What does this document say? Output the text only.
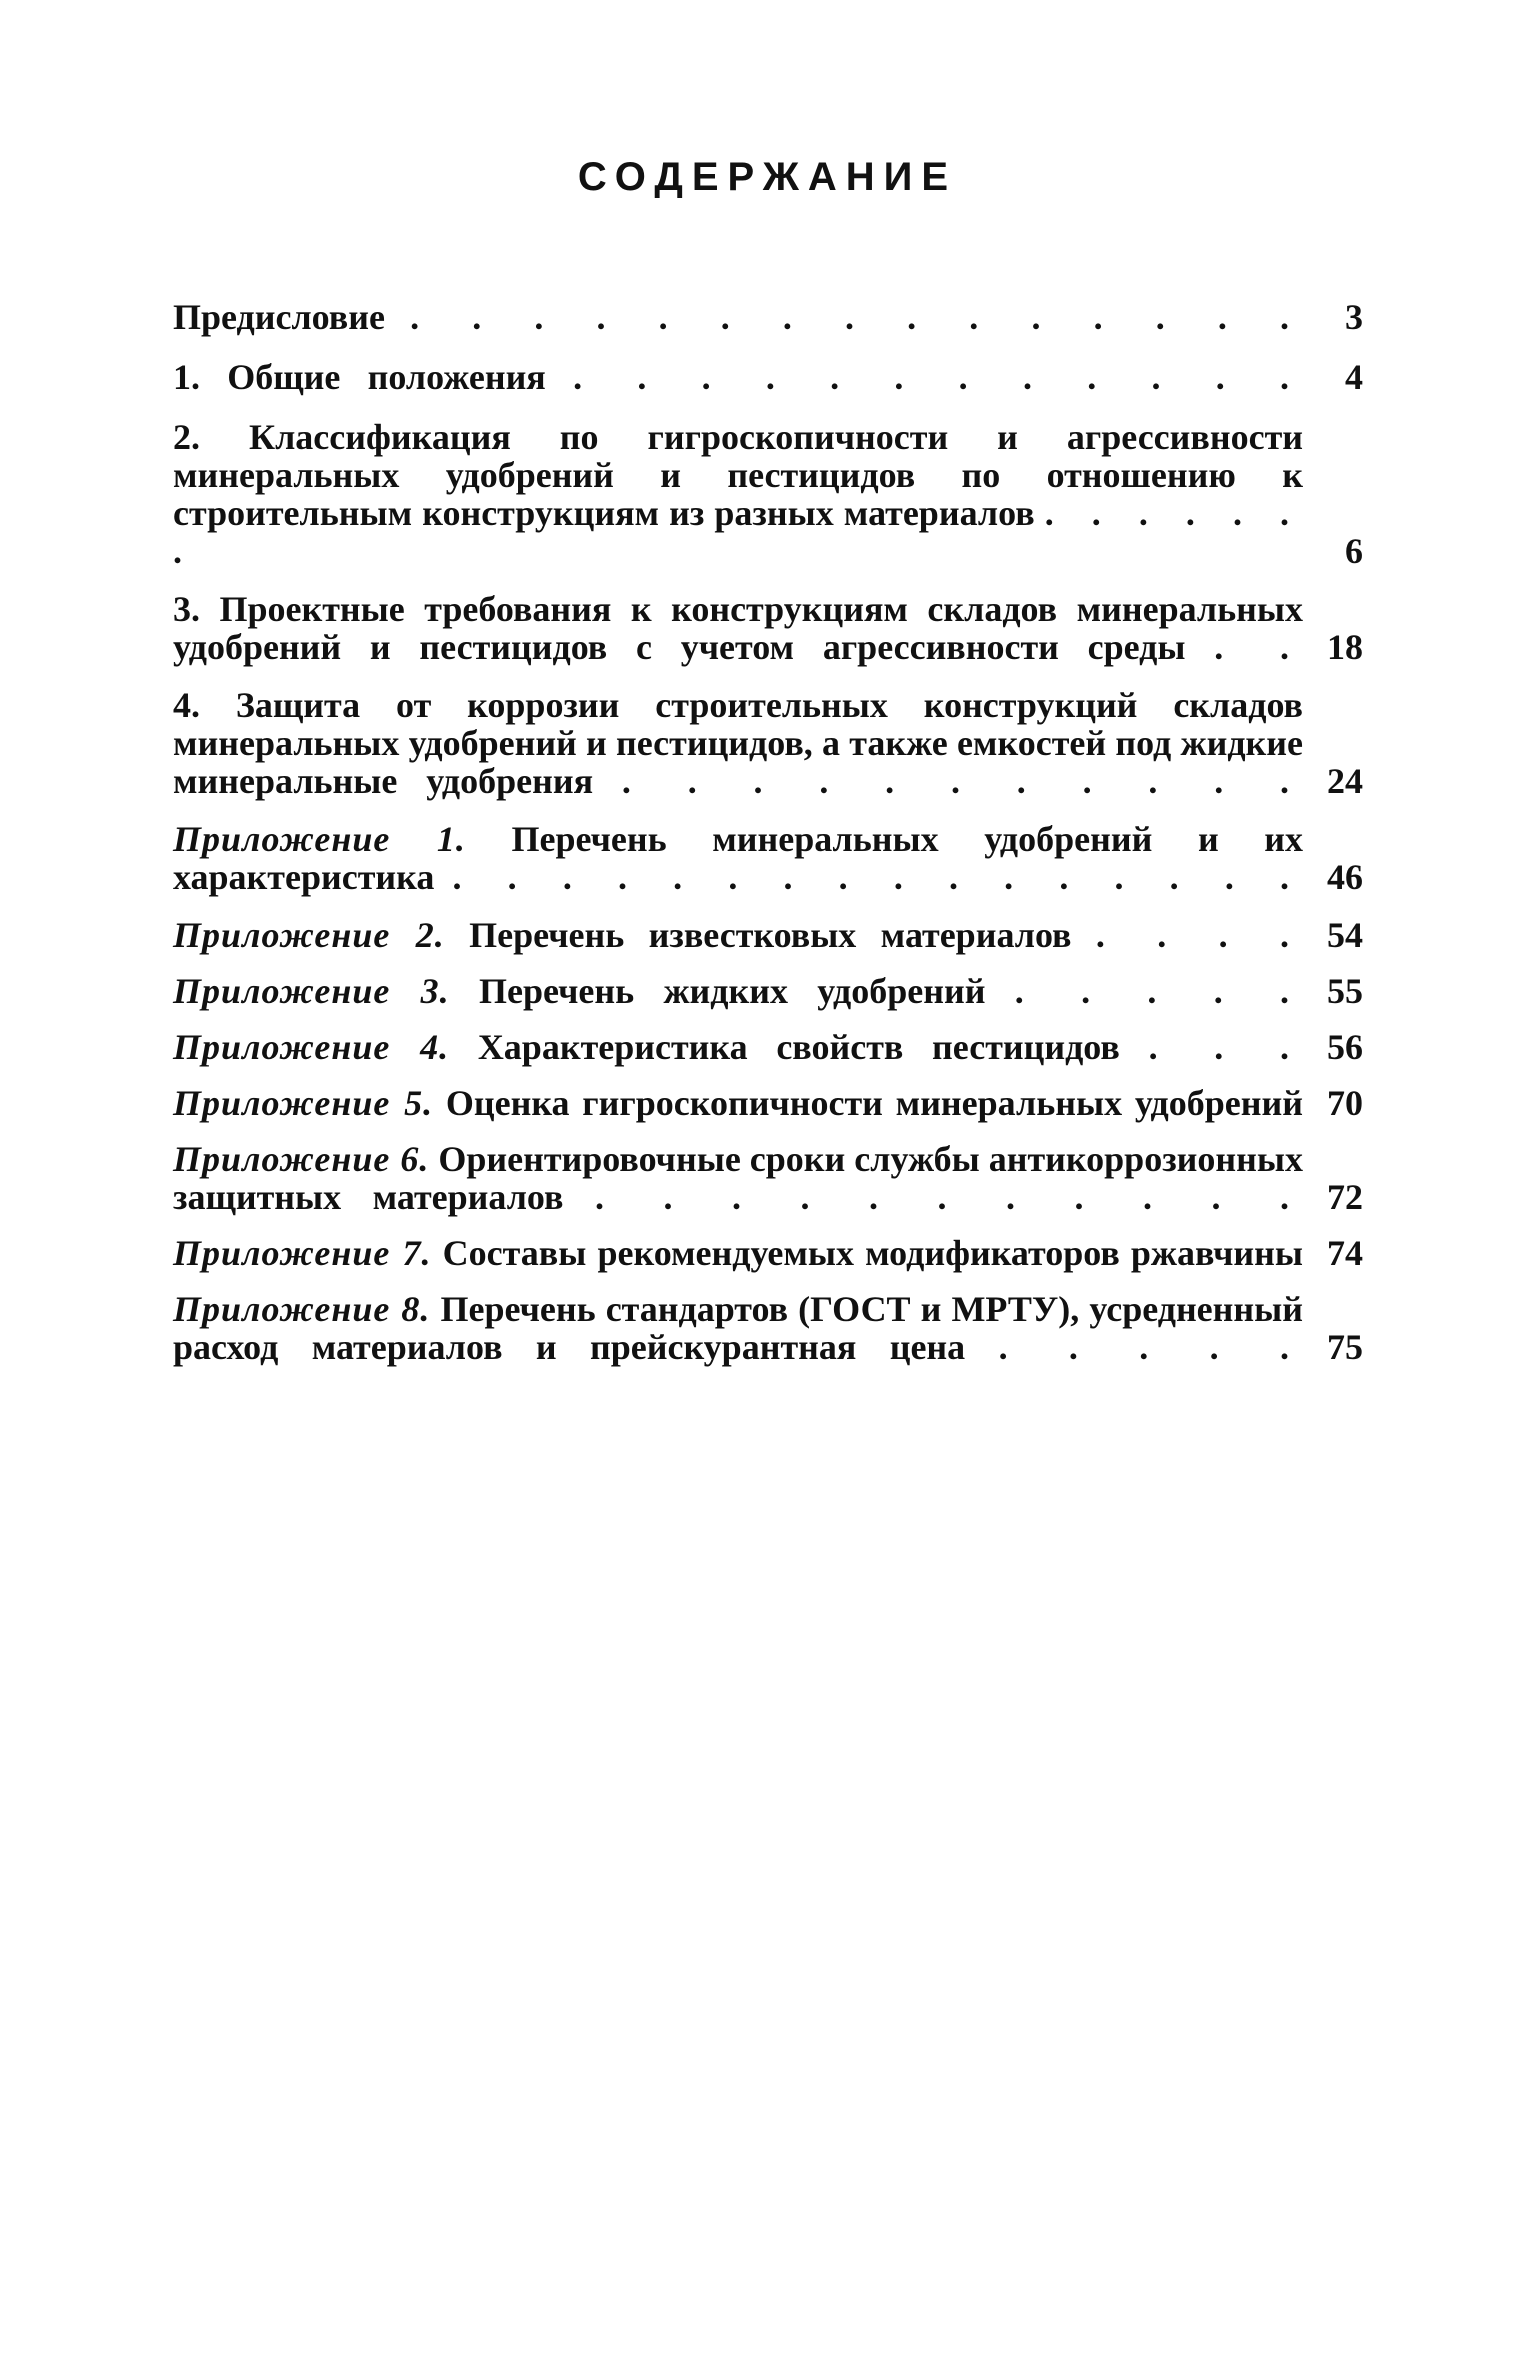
СОДЕРЖАНИЕ
Предисловие . . . . . . . . . . . . . . .	3
1. Общие положения . . . . . . . . . . . .	4
2. Классификация по гигроскопичности и агрессивности минеральных удобрений и пестицидов по отношению к строительным конструкциям из разных материалов . . . . . . .	6
3. Проектные требования к конструкциям складов минеральных удобрений и пестицидов с учетом агрессивности среды . . 18
4. Защита от коррозии строительных конструкций складов минеральных удобрений и пестицидов, а также емкостей под жидкие минеральные удобрения . . . . . . . . . . . 24
Приложение 1. Перечень минеральных удобрений и их характеристика . . . . . . . . . . . . . . . . 46
Приложение 2. Перечень известковых материалов . . . . 54
Приложение 3. Перечень жидких удобрений . . . . . 55
Приложение 4. Характеристика свойств пестицидов . . . 56
Приложение 5. Оценка гигроскопичности минеральных удобрений 70
Приложение 6. Ориентировочные сроки службы антикоррозионных защитных материалов . . . . . . . . . . . 72
Приложение 7. Составы рекомендуемых модификаторов ржавчины 74
Приложение 8. Перечень стандартов (ГОСТ и МРТУ), усредненный расход материалов и прейскурантная цена . . . . . 75
